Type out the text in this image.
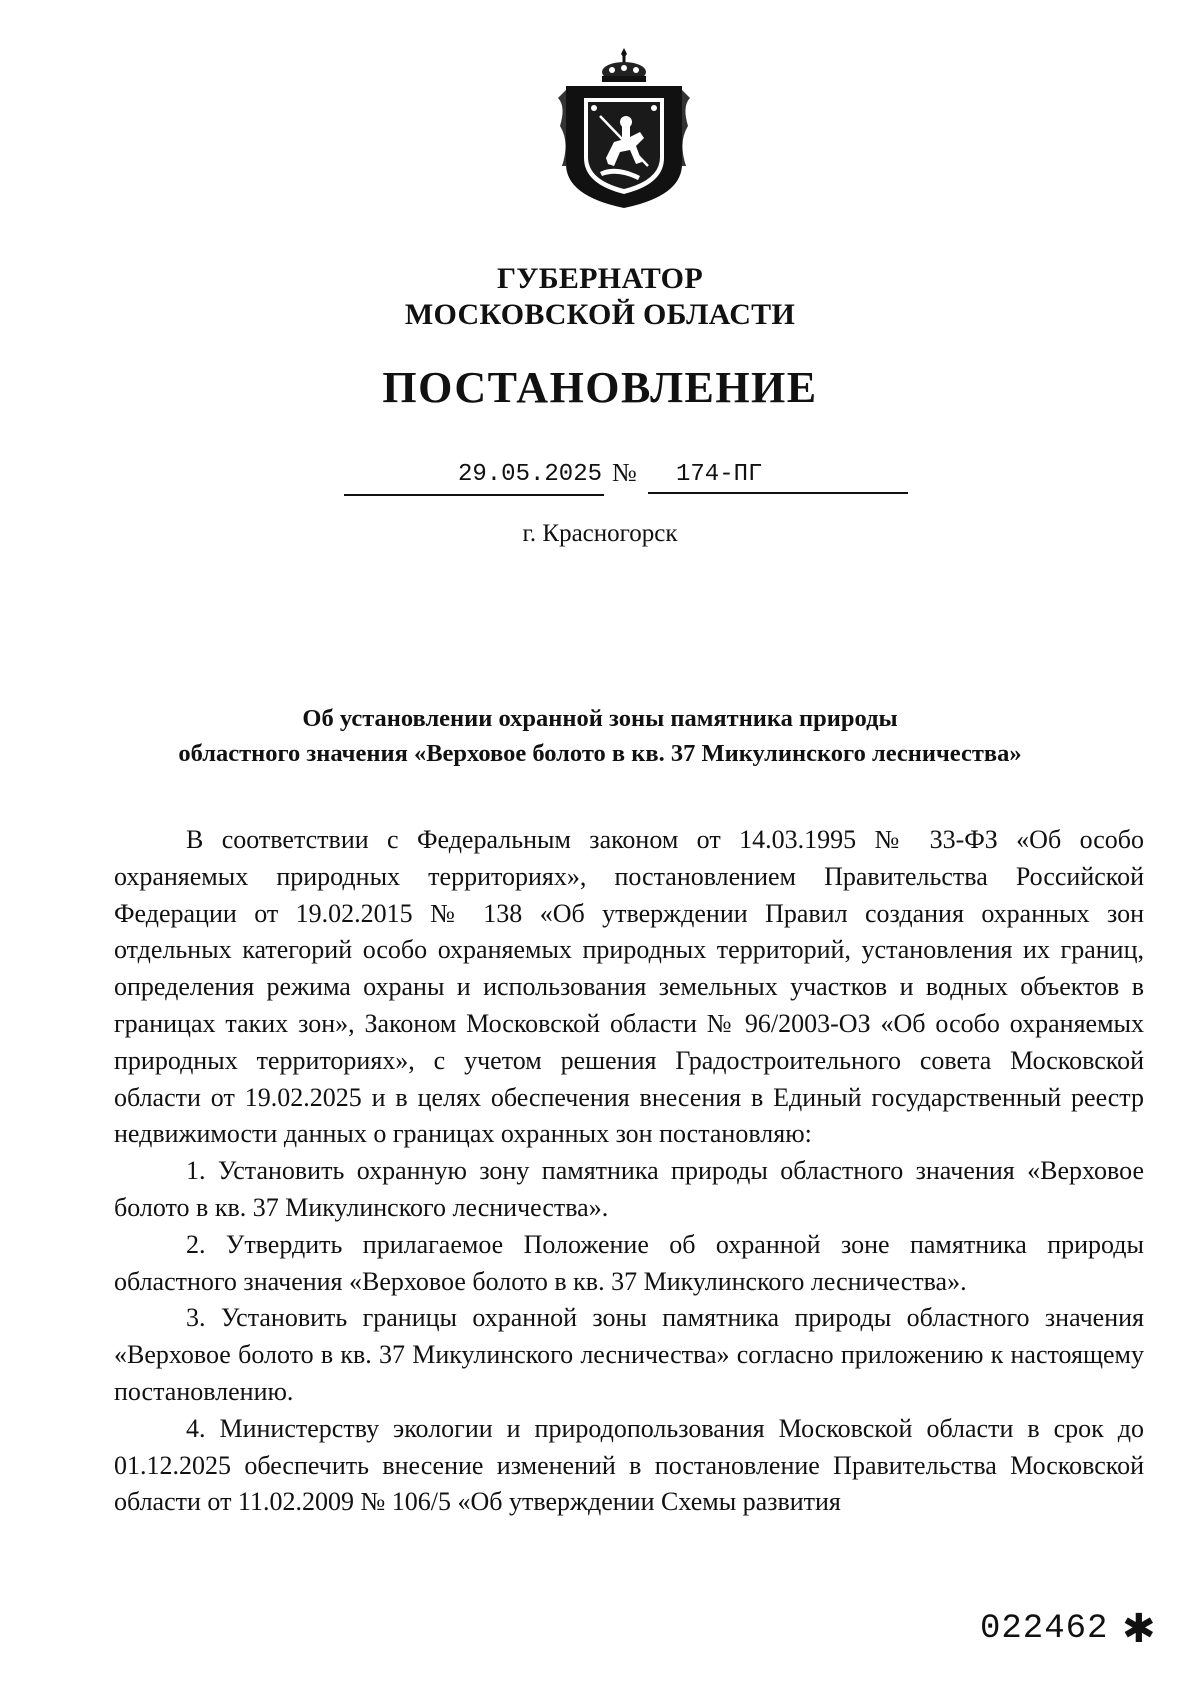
ГУБЕРНАТОР
МОСКОВСКОЙ ОБЛАСТИ
ПОСТАНОВЛЕНИЕ
29.05.2025 №	174-ПГ
г. Красногорск
Об установлении охранной зоны памятника природы
областного значения «Верховое болото в кв. 37 Микулинского лесничества»

В соответствии с Федеральным законом от 14.03.1995 № 33-ФЗ «Об особо охраняемых природных территориях», постановлением Правительства Российской Федерации от 19.02.2015 № 138 «Об утверждении Правил создания охранных зон отдельных категорий особо охраняемых природных территорий, установления их границ, определения режима охраны и использования земельных участков и водных объектов в границах таких зон», Законом Московской области № 96/2003-ОЗ «Об особо охраняемых природных территориях», с учетом решения Градостроительного совета Московской области от 19.02.2025 и в целях обеспечения внесения в Единый государственный реестр недвижимости данных о границах охранных зон постановляю:

1. Установить охранную зону памятника природы областного значения «Верховое болото в кв. 37 Микулинского лесничества».

2. Утвердить прилагаемое Положение об охранной зоне памятника природы областного значения «Верховое болото в кв. 37 Микулинского лесничества».

3. Установить границы охранной зоны памятника природы областного значения «Верховое болото в кв. 37 Микулинского лесничества» согласно приложению к настоящему постановлению.

4. Министерству экологии и природопользования Московской области в срок до 01.12.2025 обеспечить внесение изменений в постановление Правительства Московской области от 11.02.2009 № 106/5 «Об утверждении Схемы развития

022462 ✱
